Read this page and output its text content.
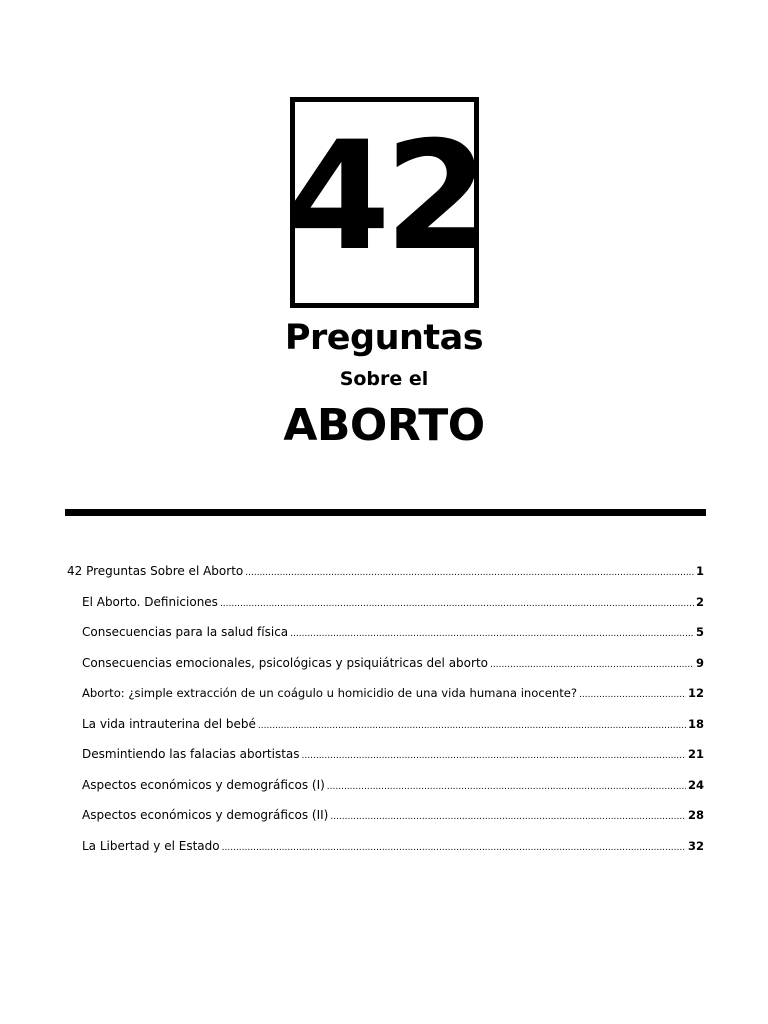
42
Preguntas
Sobre el
ABORTO
42 Preguntas Sobre el Aborto .....	1
El Aborto. Definiciones .....	2
Consecuencias para la salud física .....	5
Consecuencias emocionales, psicológicas y psiquiátricas del aborto .....	9
Aborto: ¿simple extracción de un coágulo u homicidio de una vida humana inocente? .....	12
La vida intrauterina del bebé .....	18
Desmintiendo las falacias abortistas .....	21
Aspectos económicos y demográficos (I) .....	24
Aspectos económicos y demográficos (II) .....	28
La Libertad y el Estado .....	32
